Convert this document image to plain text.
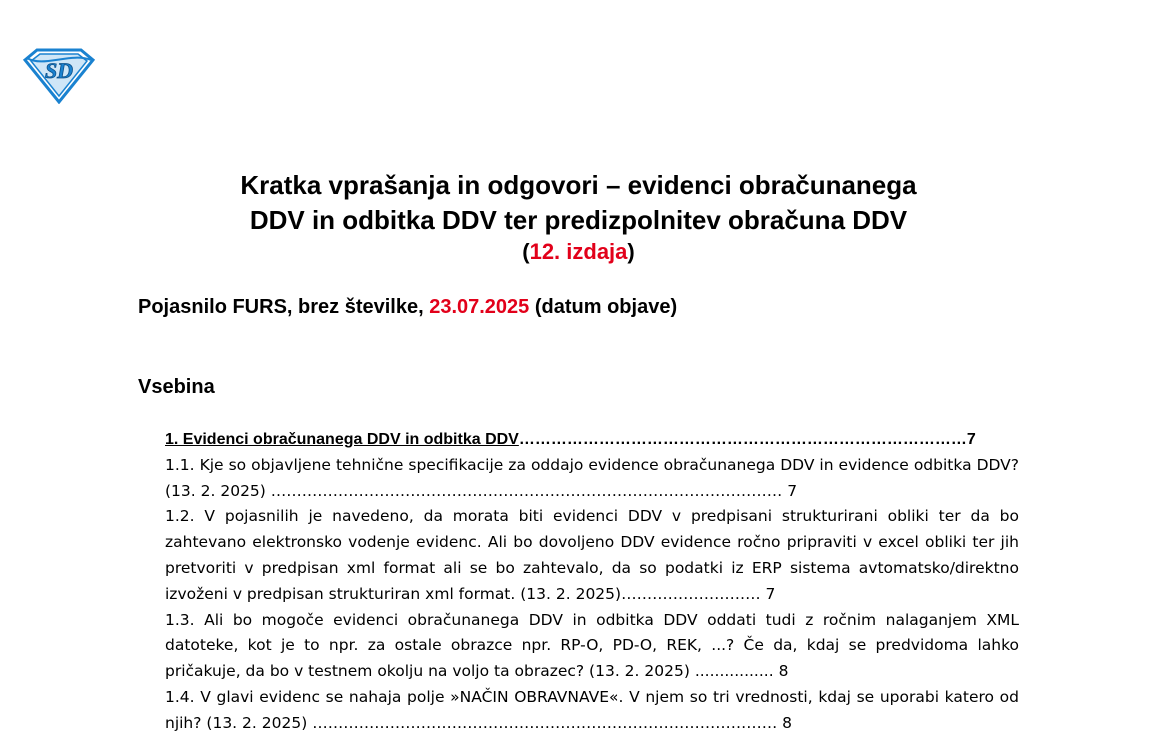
SD
Kratka vprašanja in odgovori – evidenci obračunanega
DDV in odbitka DDV ter predizpolnitev obračuna DDV
(12. izdaja)
Pojasnilo FURS, brez številke, 23.07.2025 (datum objave)
Vsebina
1. Evidenci obračunanega DDV in odbitka DDV…………………………………………………………………………7
1.1. Kje so objavljene tehnične specifikacije za oddajo evidence obračunanega DDV in evidence odbitka DDV? (13. 2. 2025) ……………………………………………………………………………………… 7
1.2. V pojasnilih je navedeno, da morata biti evidenci DDV v predpisani strukturirani obliki ter da bo zahtevano elektronsko vodenje evidenc. Ali bo dovoljeno DDV evidence ročno pripraviti v excel obliki ter jih pretvoriti v predpisan xml format ali se bo zahtevalo, da so podatki iz ERP sistema avtomatsko/direktno izvoženi v predpisan strukturiran xml format. (13. 2. 2025)……………………… 7
1.3. Ali bo mogoče evidenci obračunanega DDV in odbitka DDV oddati tudi z ročnim nalaganjem XML datoteke, kot je to npr. za ostale obrazce npr. RP-O, PD-O, REK, ...? Če da, kdaj se predvidoma lahko pričakuje, da bo v testnem okolju na voljo ta obrazec? (13. 2. 2025) ................ 8
1.4. V glavi evidenc se nahaja polje »NAČIN OBRAVNAVE«. V njem so tri vrednosti, kdaj se uporabi katero od njih? (13. 2. 2025) ……………………………………………………………………………… 8
